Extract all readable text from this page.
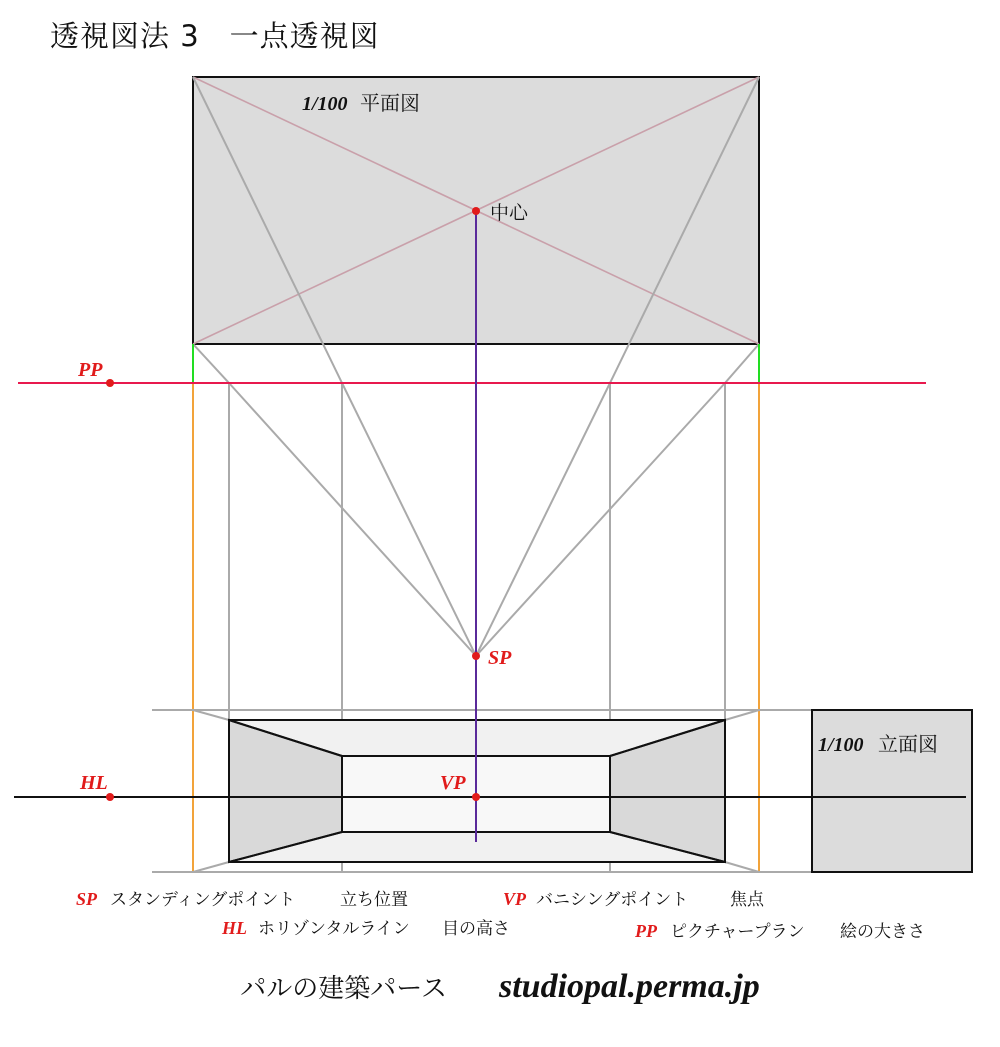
透視図法 3　一点透視図
1/100 平面図
中心
PP
SP
HL	VP
1/100 立面図
SP スタンディングポイント	立ち位置	VP バニシングポイント 焦点
HL ホリゾンタルライン 目の高さ	PP ピクチャープラン 絵の大きさ
パルの建築パース studiopal.perma.jp
